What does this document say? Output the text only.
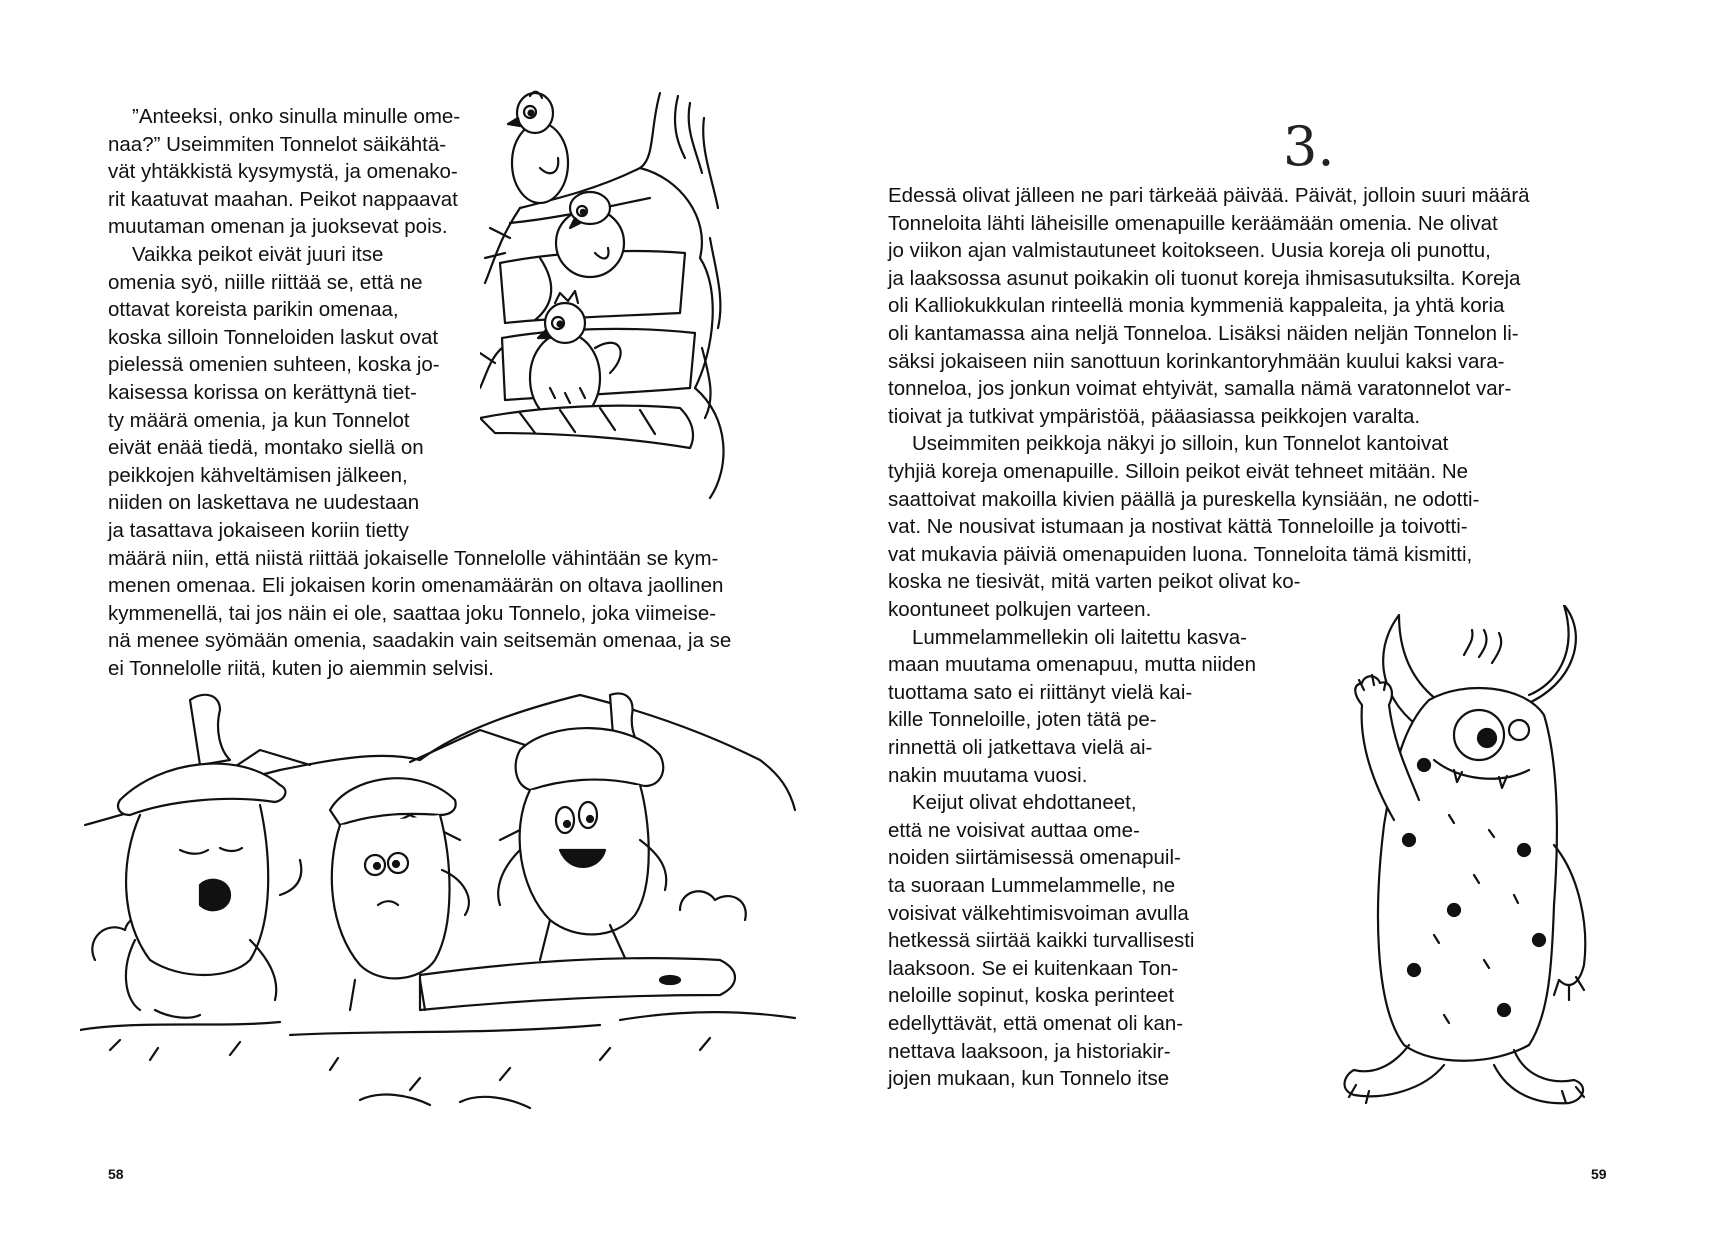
”Anteeksi, onko sinulla minulle ome-
naa?” Useimmiten Tonnelot säikähtä-
vät yhtäkkistä kysymystä, ja omenako-
rit kaatuvat maahan. Peikot nappaavat
muutaman omenan ja juoksevat pois.
Vaikka peikot eivät juuri itse
omenia syö, niille riittää se, että ne
ottavat koreista parikin omenaa,
koska silloin Tonneloiden laskut ovat
pielessä omenien suhteen, koska jo-
kaisessa korissa on kerättynä tiet-
ty määrä omenia, ja kun Tonnelot
eivät enää tiedä, montako siellä on
peikkojen kähveltämisen jälkeen,
niiden on laskettava ne uudestaan
ja tasattava jokaiseen koriin tietty
määrä niin, että niistä riittää jokaiselle Tonnelolle vähintään se kym-
menen omenaa. Eli jokaisen korin omenamäärän on oltava jaollinen
kymmenellä, tai jos näin ei ole, saattaa joku Tonnelo, joka viimeise-
nä menee syömään omenia, saadakin vain seitsemän omenaa, ja se
ei Tonnelolle riitä, kuten jo aiemmin selvisi.
58
3.
Edessä olivat jälleen ne pari tärkeää päivää. Päivät, jolloin suuri määrä
Tonneloita lähti läheisille omenapuille keräämään omenia. Ne olivat
jo viikon ajan valmistautuneet koitokseen. Uusia koreja oli punottu,
ja laaksossa asunut poikakin oli tuonut koreja ihmisasutuksilta. Koreja
oli Kalliokukkulan rinteellä monia kymmeniä kappaleita, ja yhtä koria
oli kantamassa aina neljä Tonneloa. Lisäksi näiden neljän Tonnelon li-
säksi jokaiseen niin sanottuun korinkantoryhmään kuului kaksi vara-
tonneloa, jos jonkun voimat ehtyivät, samalla nämä varatonnelot var-
tioivat ja tutkivat ympäristöä, pääasiassa peikkojen varalta.
Useimmiten peikkoja näkyi jo silloin, kun Tonnelot kantoivat
tyhjiä koreja omenapuille. Silloin peikot eivät tehneet mitään. Ne
saattoivat makoilla kivien päällä ja pureskella kynsiään, ne odotti-
vat. Ne nousivat istumaan ja nostivat kättä Tonneloille ja toivotti-
vat mukavia päiviä omenapuiden luona. Tonneloita tämä kismitti,
koska ne tiesivät, mitä varten peikot olivat ko-
koontuneet polkujen varteen.
Lummelammellekin oli laitettu kasva-
maan muutama omenapuu, mutta niiden
tuottama sato ei riittänyt vielä kai-
kille Tonneloille, joten tätä pe-
rinnettä oli jatkettava vielä ai-
nakin muutama vuosi.
Keijut olivat ehdottaneet,
että ne voisivat auttaa ome-
noiden siirtämisessä omenapuil-
ta suoraan Lummelammelle, ne
voisivat välkehtimisvoiman avulla
hetkessä siirtää kaikki turvallisesti
laaksoon. Se ei kuitenkaan Ton-
neloille sopinut, koska perinteet
edellyttävät, että omenat oli kan-
nettava laaksoon, ja historiakir-
jojen mukaan, kun Tonnelo itse
59
